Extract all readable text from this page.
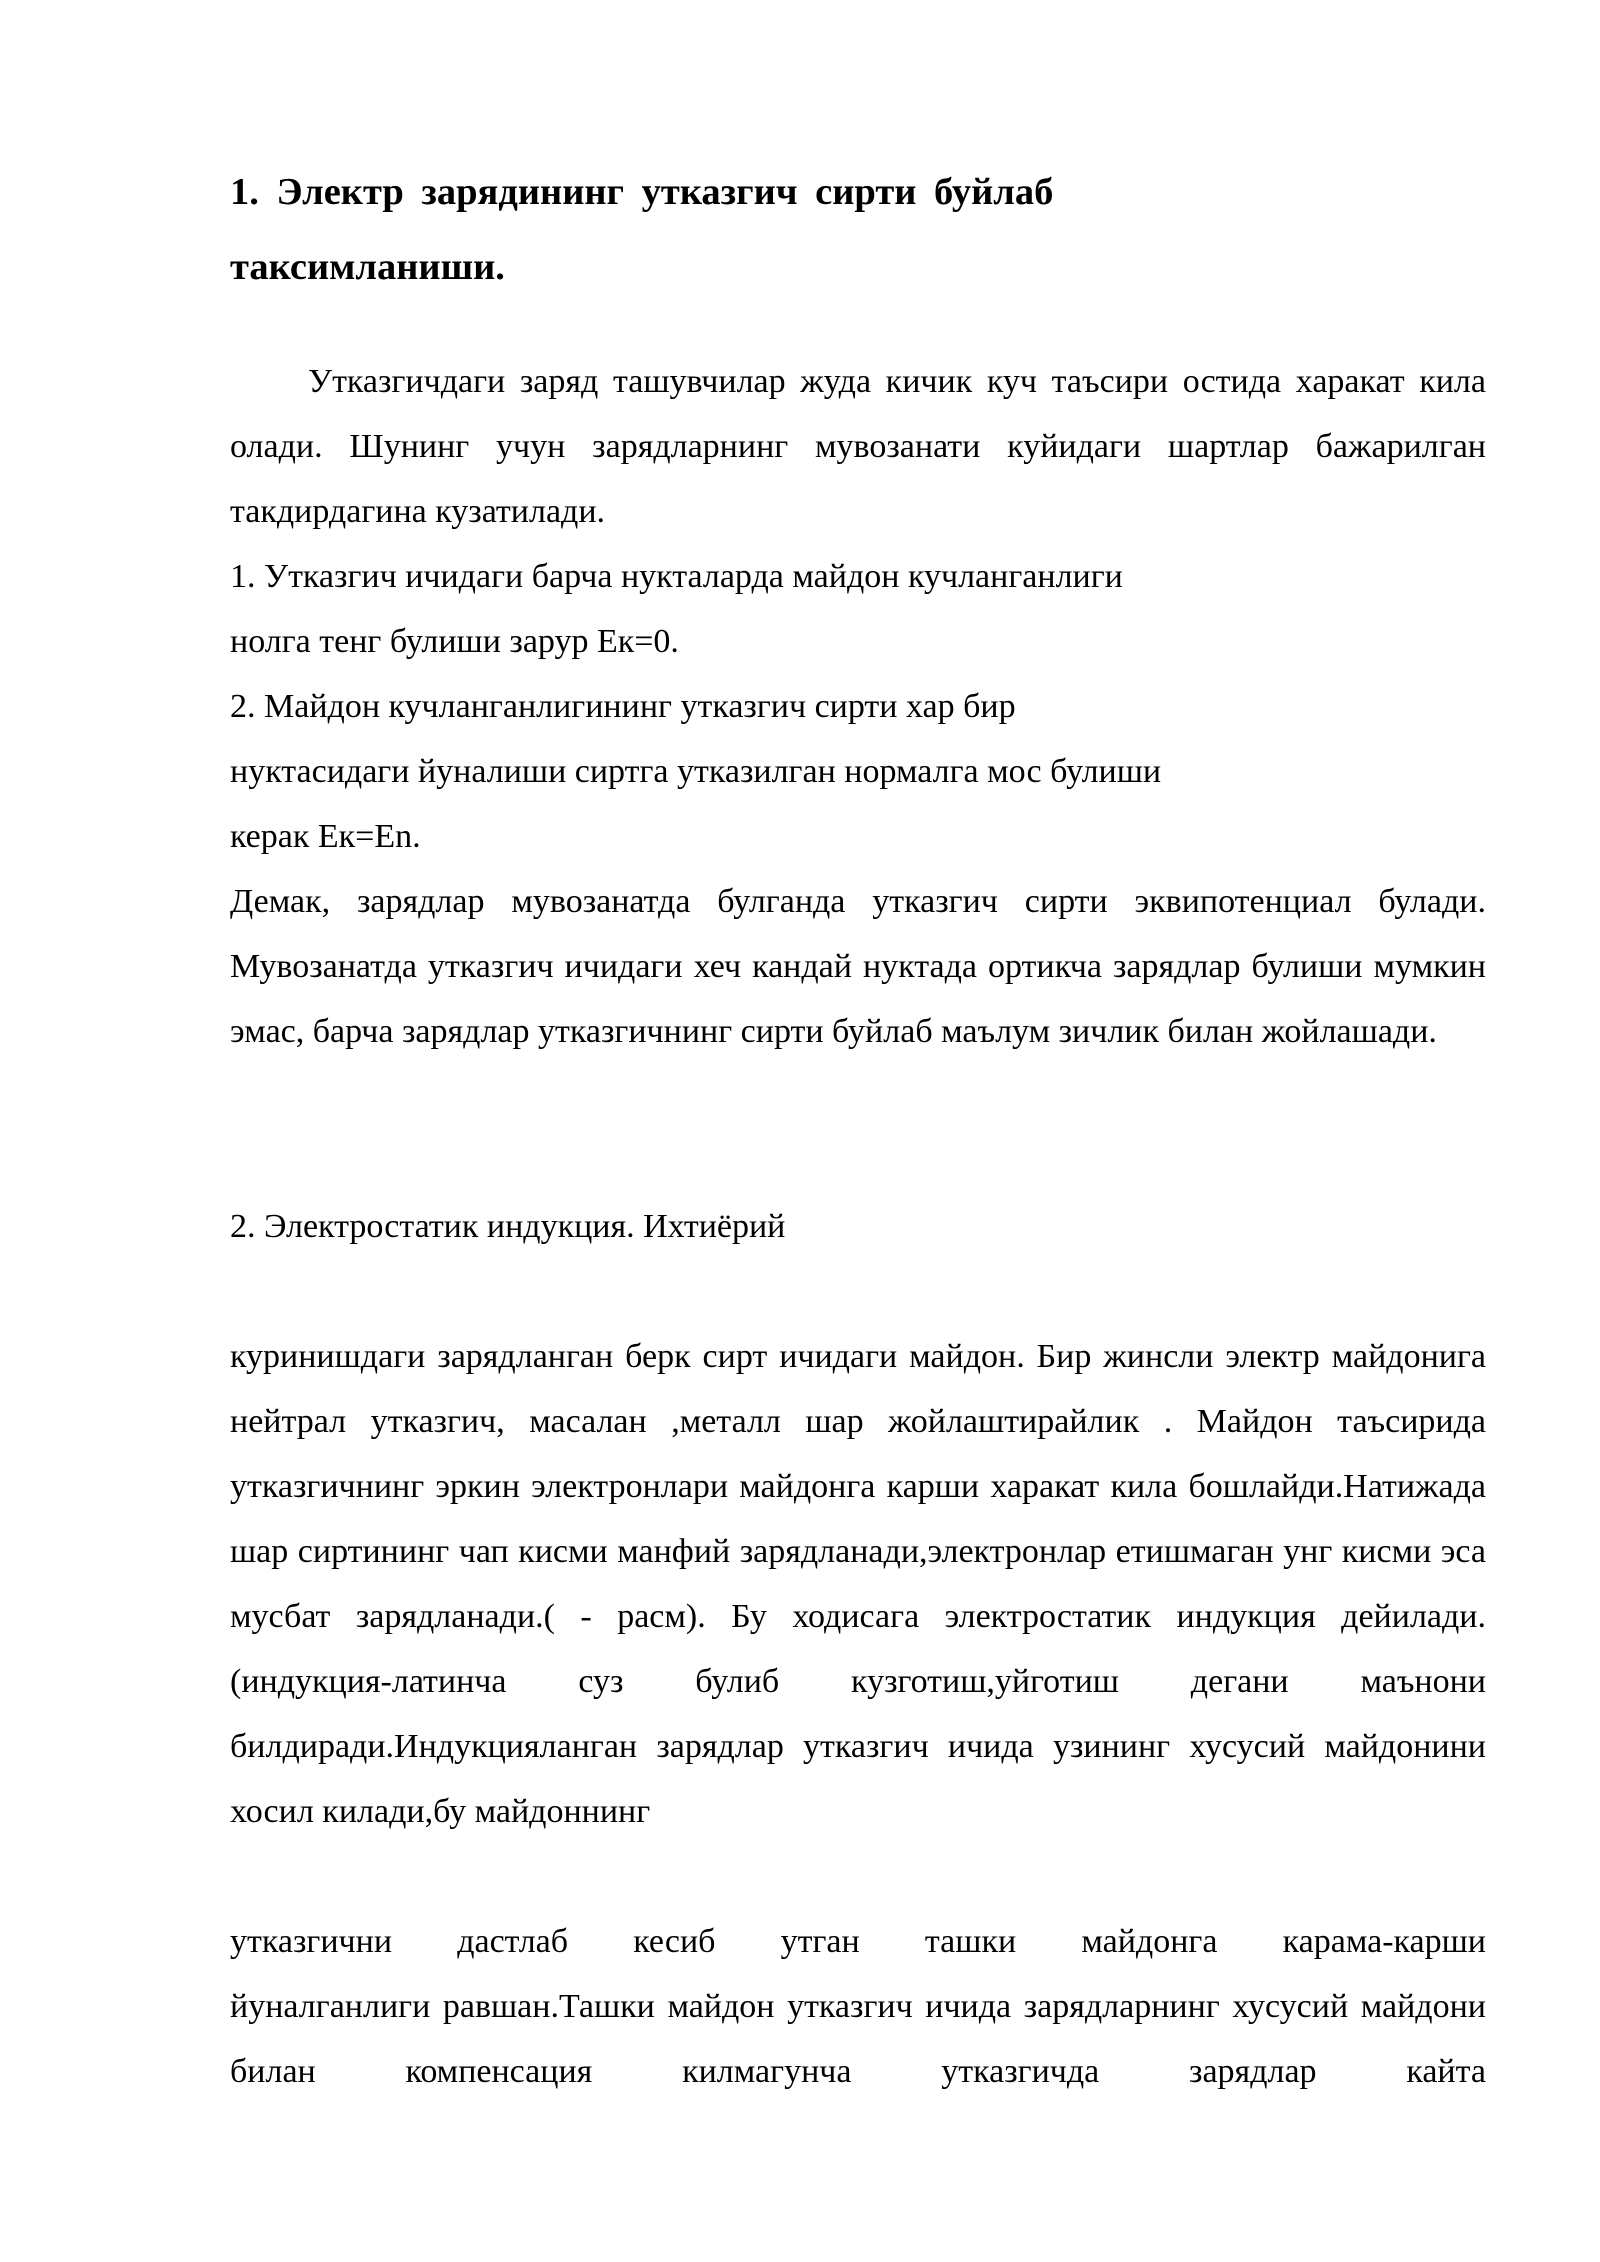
1. Электр зарядининг утказгич сирти буйлаб
таксимланиши.

Утказгичдаги заряд ташувчилар жуда кичик куч таъсири остида харакат кила олади. Шунинг учун зарядларнинг мувозанати куйидаги шартлар бажарилган такдирдагина кузатилади.

1. Утказгич ичидаги барча нукталарда майдон кучланганлиги
нолга тенг булиши зарур Ек=0.
2. Майдон кучланганлигининг утказгич сирти хар бир
нуктасидаги йуналиши сиртга утказилган нормалга мос булиши
керак Ек=Еn.

Демак, зарядлар мувозанатда булганда утказгич сирти эквипотенциал булади. Мувозанатда утказгич ичидаги хеч кандай нуктада ортикча зарядлар булиши мумкин эмас, барча зарядлар утказгичнинг сирти буйлаб маълум зичлик билан жойлашади.

2. Электростатик индукция. Ихтиёрий

куринишдаги зарядланган берк сирт ичидаги майдон. Бир жинсли электр майдонига нейтрал утказгич, масалан ,металл шар жойлаштирайлик . Майдон таъсирида утказгичнинг эркин электронлари майдонга карши харакат кила бошлайди.Натижада шар сиртининг чап кисми манфий зарядланади,электронлар етишмаган унг кисми эса мусбат зарядланади.( - расм). Бу ходисага электростатик индукция дейилади.(индукция-латинча суз булиб кузготиш,уйготиш дегани маънони билдиради.Индукцияланган зарядлар утказгич ичида узининг хусусий майдонини хосил килади,бу майдоннинг

утказгични дастлаб кесиб утган ташки майдонга карама-карши
йуналганлиги равшан.Ташки майдон утказгич ичида зарядларнинг хусусий майдони билан компенсация килмагунча утказгичда зарядлар кайта
